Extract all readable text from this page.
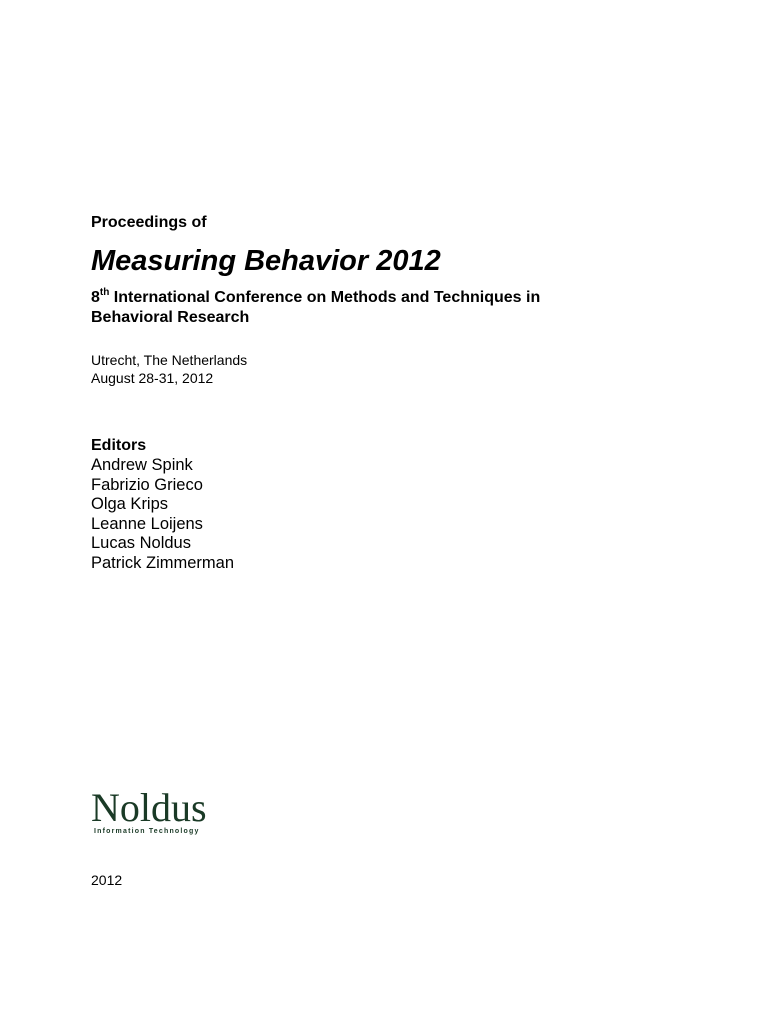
Proceedings of
Measuring Behavior 2012
8th International Conference on Methods and Techniques in
Behavioral Research
Utrecht, The Netherlands
August 28-31, 2012
Editors
Andrew Spink
Fabrizio Grieco
Olga Krips
Leanne Loijens
Lucas Noldus
Patrick Zimmerman
Noldus
Information Technology
2012
